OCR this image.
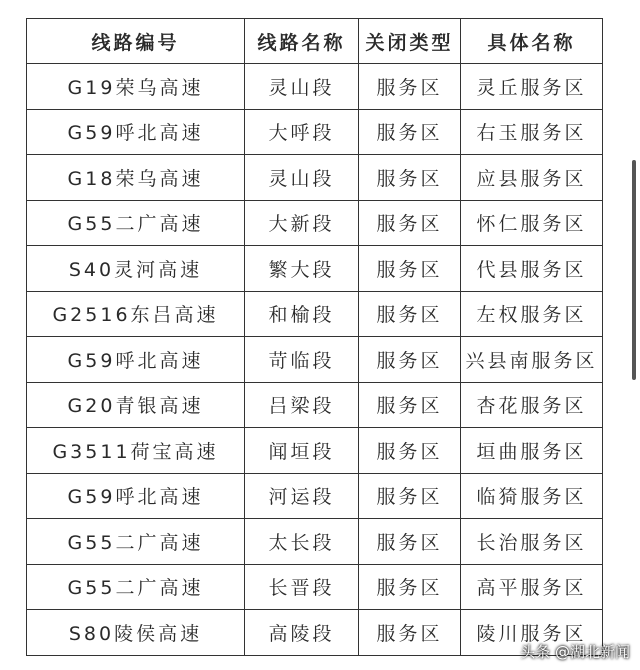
线路编号	线路名称	关闭类型	具体名称
G19荣乌高速	灵山段	服务区	灵丘服务区
G59呼北高速	大呼段	服务区	右玉服务区
G18荣乌高速	灵山段	服务区	应县服务区
G55二广高速	大新段	服务区	怀仁服务区
S40灵河高速	繁大段	服务区	代县服务区
G2516东吕高速	和榆段	服务区	左权服务区
G59呼北高速	苛临段	服务区	兴县南服务区
G20青银高速	吕梁段	服务区	杏花服务区
G3511荷宝高速	闻垣段	服务区	垣曲服务区
G59呼北高速	河运段	服务区	临猗服务区
G55二广高速	太长段	服务区	长治服务区
G55二广高速	长晋段	服务区	高平服务区
S80陵侯高速	高陵段	服务区	陵川服务区
头条 @湖北新闻
